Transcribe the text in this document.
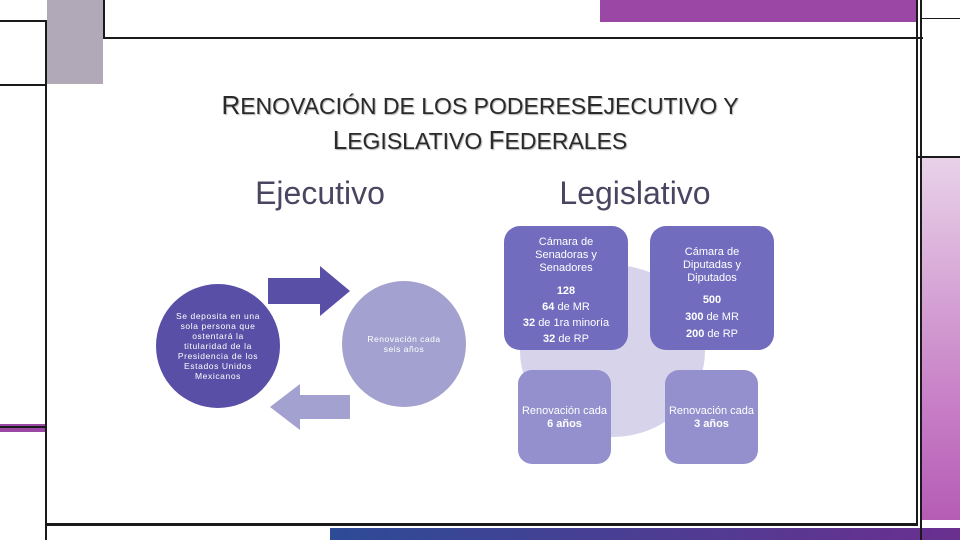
RENOVACIÓN DE LOS PODERESEJECUTIVO Y
LEGISLATIVO FEDERALES
Ejecutivo	Legislativo
Se deposita en una sola persona que ostentará la titularidad de la Presidencia de los Estados Unidos Mexicanos
Renovación cada seis años
Cámara de Senadoras y Senadores
128
64 de MR
32 de 1ra minoría
32 de RP
Cámara de Diputadas y Diputados
500
300 de MR
200 de RP
Renovación cada
6 años
Renovación cada
3 años
